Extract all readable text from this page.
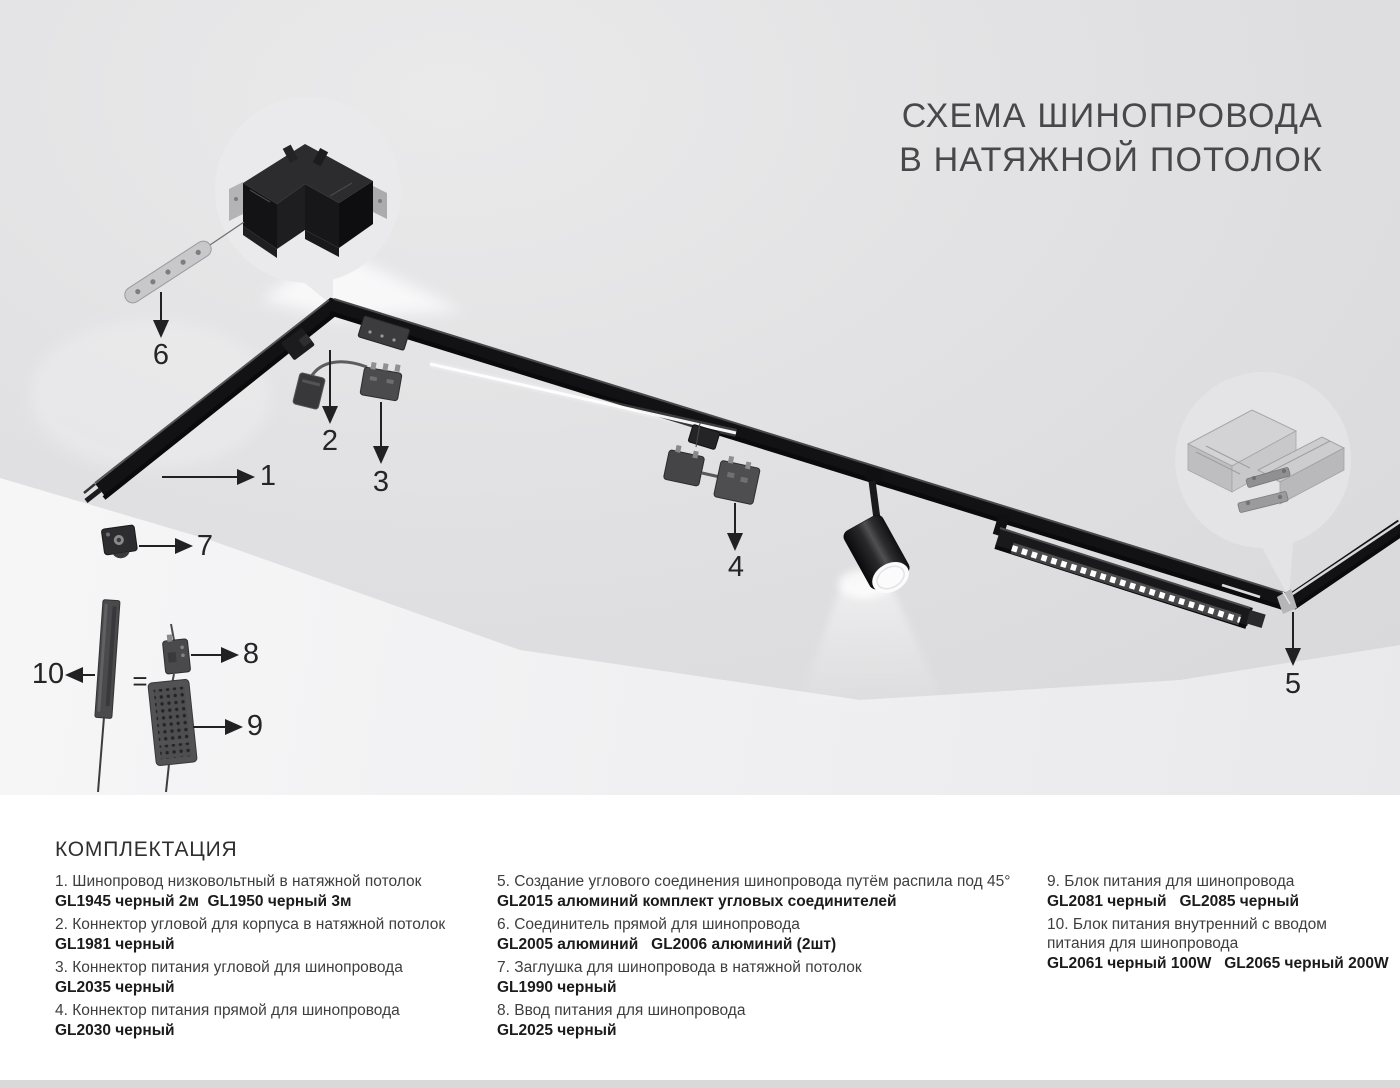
СХЕМА ШИНОПРОВОДА
В НАТЯЖНОЙ ПОТОЛОК
1
2
3
4
5
6
7
8
9
10	=
КОМПЛЕКТАЦИЯ
1. Шинопровод низковольтный в натяжной потолок
GL1945 черный 2м  GL1950 черный 3м
2. Коннектор угловой для корпуса в натяжной потолок
GL1981 черный
3. Коннектор питания угловой для шинопровода
GL2035 черный
4. Коннектор питания прямой для шинопровода
GL2030 черный
5. Создание углового соединения шинопровода путём распила под 45°
GL2015 алюминий комплект угловых соединителей
6. Соединитель прямой для шинопровода
GL2005 алюминий   GL2006 алюминий (2шт)
7. Заглушка для шинопровода в натяжной потолок
GL1990 черный
8. Ввод питания для шинопровода
GL2025 черный
9. Блок питания для шинопровода
GL2081 черный   GL2085 черный
10. Блок питания внутренний с вводом питания для шинопровода
GL2061 черный 100W   GL2065 черный 200W
